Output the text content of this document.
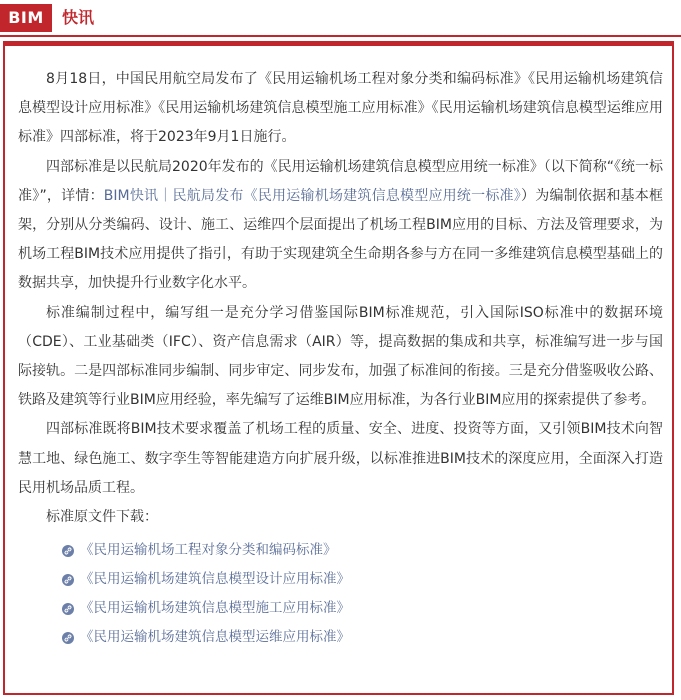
BIM	快讯

8月18日，中国民用航空局发布了《民用运输机场工程对象分类和编码标准》《民用运输机场建筑信息模型设计应用标准》《民用运输机场建筑信息模型施工应用标准》《民用运输机场建筑信息模型运维应用标准》四部标准，将于2023年9月1日施行。

四部标准是以民航局2020年发布的《民用运输机场建筑信息模型应用统一标准》（以下简称“《统一标准》”，详情：BIM快讯｜民航局发布《民用运输机场建筑信息模型应用统一标准》）为编制依据和基本框架，分别从分类编码、设计、施工、运维四个层面提出了机场工程BIM应用的目标、方法及管理要求，为机场工程BIM技术应用提供了指引，有助于实现建筑全生命期各参与方在同一多维建筑信息模型基础上的数据共享，加快提升行业数字化水平。

标准编制过程中，编写组一是充分学习借鉴国际BIM标准规范，引入国际ISO标准中的数据环境（CDE）、工业基础类（IFC）、资产信息需求（AIR）等，提高数据的集成和共享，标准编写进一步与国际接轨。二是四部标准同步编制、同步审定、同步发布，加强了标准间的衔接。三是充分借鉴吸收公路、铁路及建筑等行业BIM应用经验，率先编写了运维BIM应用标准，为各行业BIM应用的探索提供了参考。

四部标准既将BIM技术要求覆盖了机场工程的质量、安全、进度、投资等方面，又引领BIM技术向智慧工地、绿色施工、数字孪生等智能建造方向扩展升级，以标准推进BIM技术的深度应用，全面深入打造民用机场品质工程。

标准原文件下载：

《民用运输机场工程对象分类和编码标准》
《民用运输机场建筑信息模型设计应用标准》
《民用运输机场建筑信息模型施工应用标准》
《民用运输机场建筑信息模型运维应用标准》
